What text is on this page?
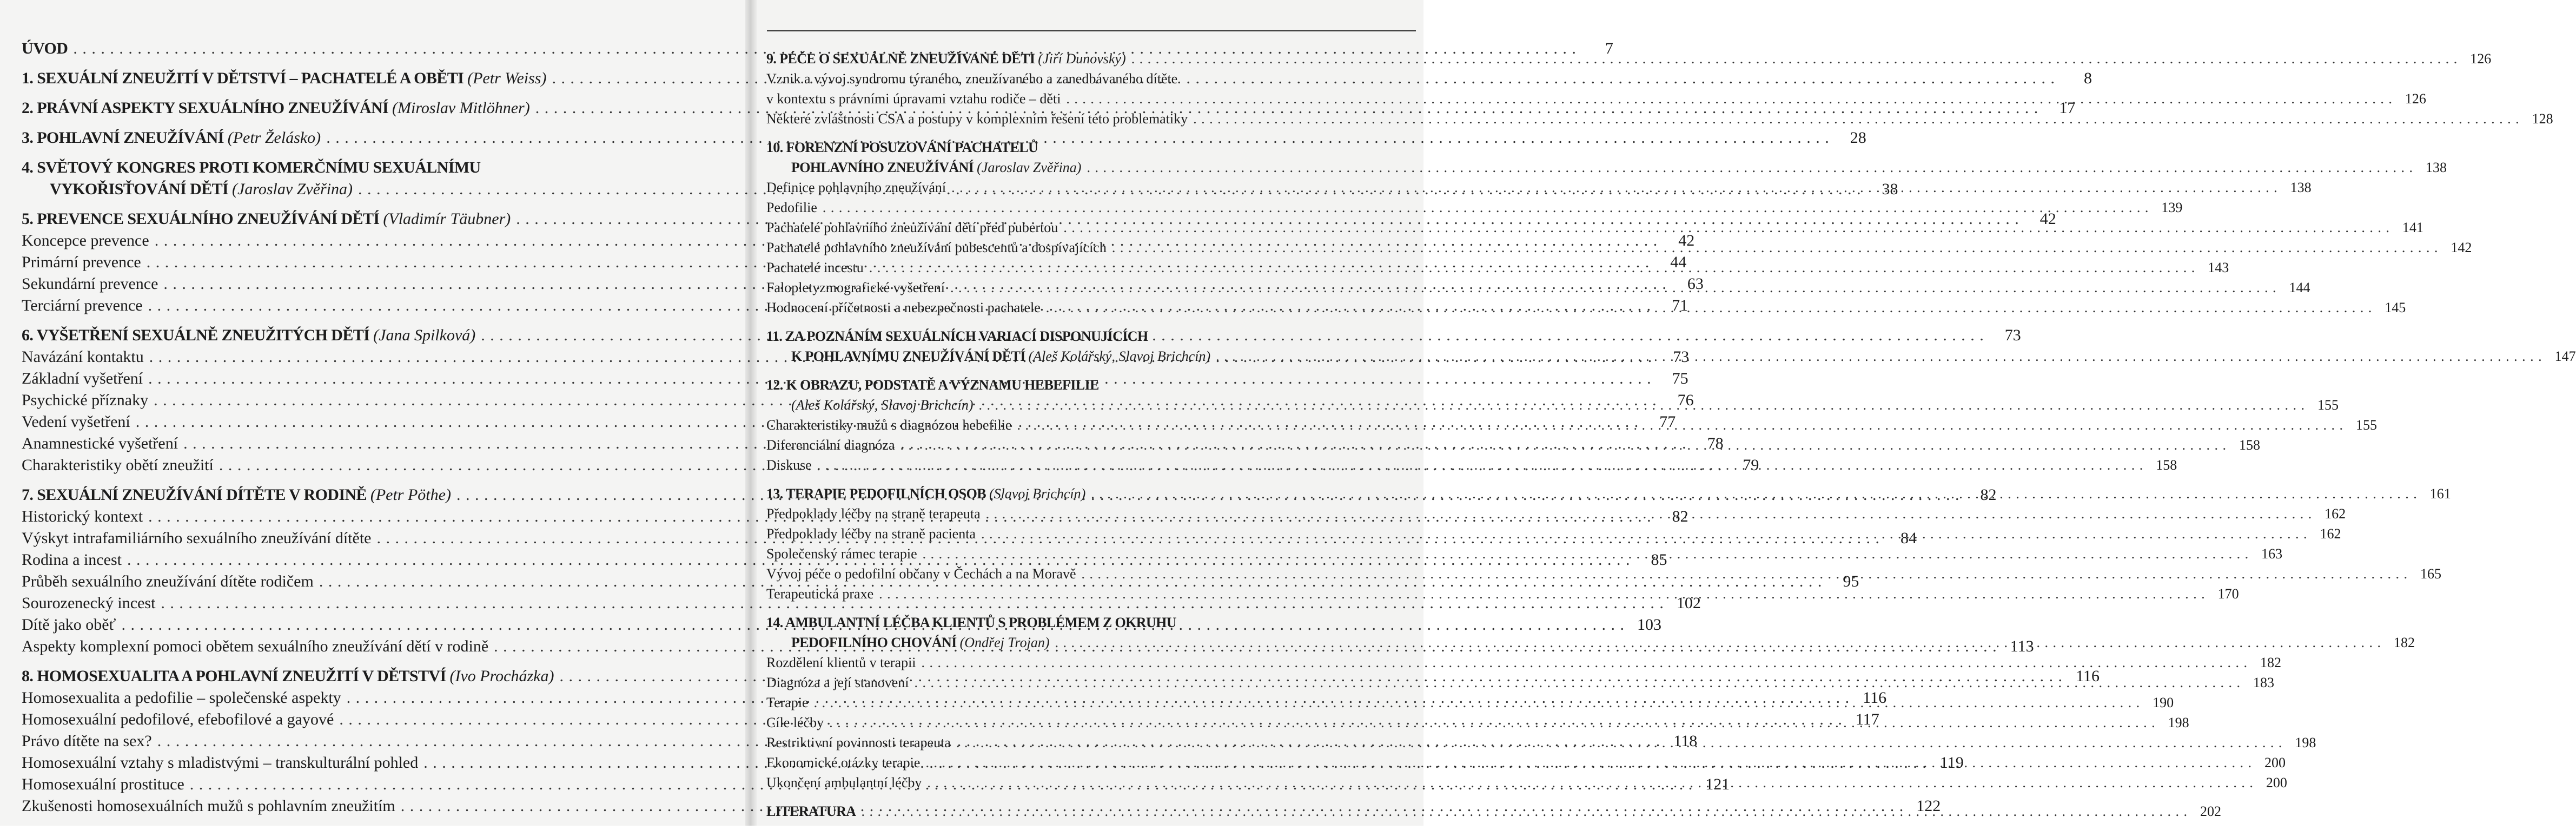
ÚVOD . . .	7
1. SEXUÁLNÍ ZNEUŽITÍ V DĚTSTVÍ – PACHATELÉ A OBĚTI (Petr Weiss) . . .	8
2. PRÁVNÍ ASPEKTY SEXUÁLNÍHO ZNEUŽÍVÁNÍ (Miroslav Mitlöhner) . . .	17
3. POHLAVNÍ ZNEUŽÍVÁNÍ (Petr Želásko) . . .	28
4. SVĚTOVÝ KONGRES PROTI KOMERČNÍMU SEXUÁLNÍMU
VYKOŘISŤOVÁNÍ DĚTÍ (Jaroslav Zvěřina) . . .	38
5. PREVENCE SEXUÁLNÍHO ZNEUŽÍVÁNÍ DĚTÍ (Vladimír Täubner) . . .	42
Koncepce prevence . . .	42
Primární prevence . . .	44
Sekundární prevence . . .	63
Terciární prevence . . .	71
6. VYŠETŘENÍ SEXUÁLNĚ ZNEUŽITÝCH DĚTÍ (Jana Spilková) . . .	73
Navázání kontaktu . . .	73
Základní vyšetření . . .	75
Psychické příznaky . . .	76
Vedení vyšetření . . .	77
Anamnestické vyšetření . . .	78
Charakteristiky obětí zneužití . . .	79
7. SEXUÁLNÍ ZNEUŽÍVÁNÍ DÍTĚTE V RODINĚ (Petr Pöthe) . . .	82
Historický kontext . . .	82
Výskyt intrafamiliárního sexuálního zneužívání dítěte . . .	84
Rodina a incest . . .	85
Průběh sexuálního zneužívání dítěte rodičem . . .	95
Sourozenecký incest . . .	102
Dítě jako oběť . . .	103
Aspekty komplexní pomoci obětem sexuálního zneužívání dětí v rodině . . .	113
8. HOMOSEXUALITA A POHLAVNÍ ZNEUŽITÍ V DĚTSTVÍ (Ivo Procházka) . . .	116
Homosexualita a pedofilie – společenské aspekty . . .	116
Homosexuální pedofilové, efebofilové a gayové . . .	117
Právo dítěte na sex? . . .	118
Homosexuální vztahy s mladistvými – transkulturální pohled . . .	119
Homosexuální prostituce . . .	121
Zkušenosti homosexuálních mužů s pohlavním zneužitím . . .	122
9. PÉČE O SEXUÁLNĚ ZNEUŽÍVANÉ DĚTI (Jiří Dunovský) . . .	126
Vznik a vývoj syndromu týraného, zneužívaného a zanedbávaného dítěte
v kontextu s právními úpravami vztahu rodiče – děti . . .	126
Některé zvláštnosti CSA a postupy v komplexním řešení této problematiky . . .	128
10. FORENZNÍ POSUZOVÁNÍ PACHATELŮ
POHLAVNÍHO ZNEUŽÍVÁNÍ (Jaroslav Zvěřina) . . .	138
Definice pohlavního zneužívání . . .	138
Pedofilie . . .	139
Pachatelé pohlavního zneužívání dětí před pubertou . . .	141
Pachatelé pohlavního zneužívání pubescentů a dospívajících . . .	142
Pachatelé incestu . . .	143
Falopletyzmografické vyšetření . . .	144
Hodnocení příčetnosti a nebezpečnosti pachatele . . .	145
11. ZA POZNÁNÍM SEXUÁLNÍCH VARIACÍ DISPONUJÍCÍCH
K POHLAVNÍMU ZNEUŽÍVÁNÍ DĚTÍ (Aleš Kolářský, Slavoj Brichcín) . . .	147
12. K OBRAZU, PODSTATĚ A VÝZNAMU HEBEFILIE
(Aleš Kolářský, Slavoj Brichcín) . . .	155
Charakteristiky mužů s diagnózou hebefilie . . .	155
Diferenciální diagnóza . . .	158
Diskuse . . .	158
13. TERAPIE PEDOFILNÍCH OSOB (Slavoj Brichcín) . . .	161
Předpoklady léčby na straně terapeuta . . .	162
Předpoklady léčby na straně pacienta . . .	162
Společenský rámec terapie . . .	163
Vývoj péče o pedofilní občany v Čechách a na Moravě . . .	165
Terapeutická praxe . . .	170
14. AMBULANTNÍ LÉČBA KLIENTŮ S PROBLÉMEM Z OKRUHU
PEDOFILNÍHO CHOVÁNÍ (Ondřej Trojan) . . .	182
Rozdělení klientů v terapii . . .	182
Diagnóza a její stanovení . . .	183
Terapie . . .	190
Cíle léčby . . .	198
Restriktivní povinnosti terapeuta . . .	198
Ekonomické otázky terapie . . .	200
Ukončení ambulantní léčby . . .	200
LITERATURA . . .	202
